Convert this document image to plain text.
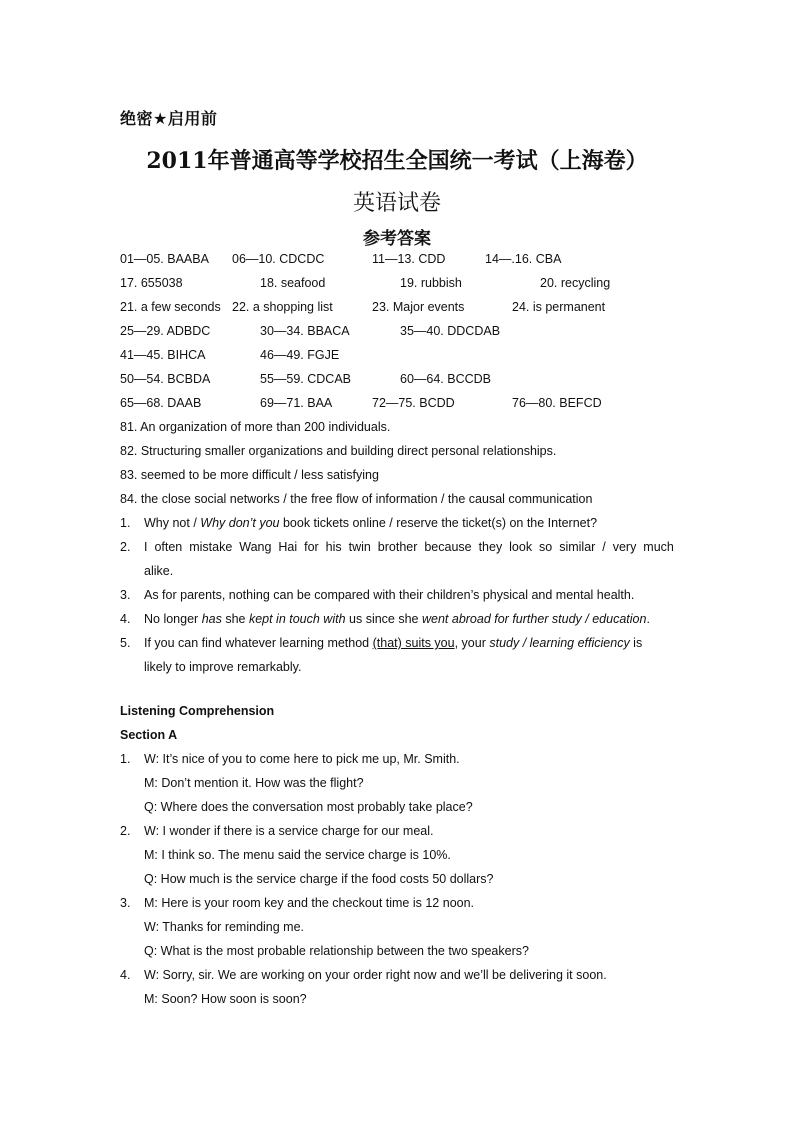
绝密★启用前
2011年普通高等学校招生全国统一考试（上海卷）
英语试卷
参考答案
01—05. BAABA 06—10. CDCDC	11—13. CDD	14—.16. CBA
17. 655038	18. seafood	19. rubbish	20. recycling
21. a few seconds 22. a shopping list	23. Major events	24. is permanent
25—29. ADBDC	30—34. BBACA	35—40. DDCDAB
41—45. BIHCA	46—49. FGJE
50—54. BCBDA	55—59. CDCAB	60—64. BCCDB
65—68. DAAB	69—71. BAA	72—75. BCDD	76—80. BEFCD
81. An organization of more than 200 individuals.
82. Structuring smaller organizations and building direct personal relationships.
83. seemed to be more difficult / less satisfying
84. the close social networks / the free flow of information / the causal communication
1. Why not / Why don’t you book tickets online / reserve the ticket(s) on the Internet?
2. I often mistake Wang Hai for his twin brother because they look so similar / very much
alike.
3. As for parents, nothing can be compared with their children’s physical and mental health.
4. No longer has she kept in touch with us since she went abroad for further study / education.
5. If you can find whatever learning method (that) suits you, your study / learning efficiency is
likely to improve remarkably.
Listening Comprehension
Section A
1. W: It’s nice of you to come here to pick me up, Mr. Smith.
M: Don’t mention it. How was the flight?
Q: Where does the conversation most probably take place?
2. W: I wonder if there is a service charge for our meal.
M: I think so. The menu said the service charge is 10%.
Q: How much is the service charge if the food costs 50 dollars?
3. M: Here is your room key and the checkout time is 12 noon.
W: Thanks for reminding me.
Q: What is the most probable relationship between the two speakers?
4. W: Sorry, sir. We are working on your order right now and we’ll be delivering it soon.
M: Soon? How soon is soon?
